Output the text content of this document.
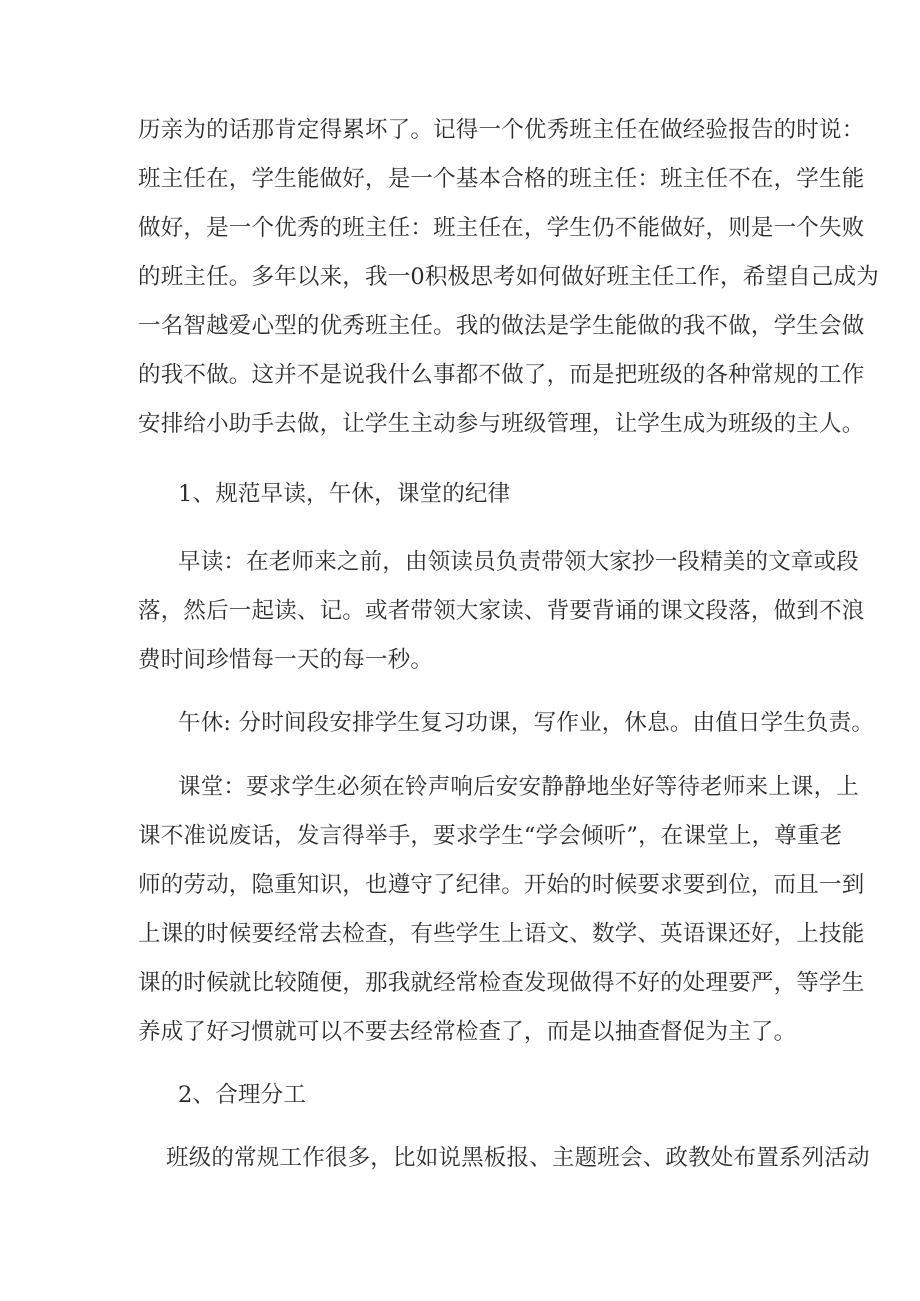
历亲为的话那肯定得累坏了。记得一个优秀班主任在做经验报告的时说：
班主任在，学生能做好，是一个基本合格的班主任：班主任不在，学生能
做好，是一个优秀的班主任：班主任在，学生仍不能做好，则是一个失败
的班主任。多年以来，我一0积极思考如何做好班主任工作，希望自己成为
一名智越爱心型的优秀班主任。我的做法是学生能做的我不做，学生会做
的我不做。这并不是说我什么事都不做了，而是把班级的各种常规的工作
安排给小助手去做，让学生主动参与班级管理，让学生成为班级的主人。
1、规范早读，午休，课堂的纪律
早读：在老师来之前，由领读员负责带领大家抄一段精美的文章或段
落，然后一起读、记。或者带领大家读、背要背诵的课文段落，做到不浪
费时间珍惜每一天的每一秒。
午休: 分时间段安排学生复习功课，写作业，休息。由值日学生负责。
课堂：要求学生必须在铃声响后安安静静地坐好等待老师来上课，上
课不准说废话，发言得举手，要求学生“学会倾听”，在课堂上，尊重老
师的劳动，隐重知识，也遵守了纪律。开始的时候要求要到位，而且一到
上课的时候要经常去检查，有些学生上语文、数学、英语课还好，上技能
课的时候就比较随便，那我就经常检查发现做得不好的处理要严，等学生
养成了好习惯就可以不要去经常检查了，而是以抽查督促为主了。
2、合理分工
班级的常规工作很多，比如说黑板报、主题班会、政教处布置系列活动
